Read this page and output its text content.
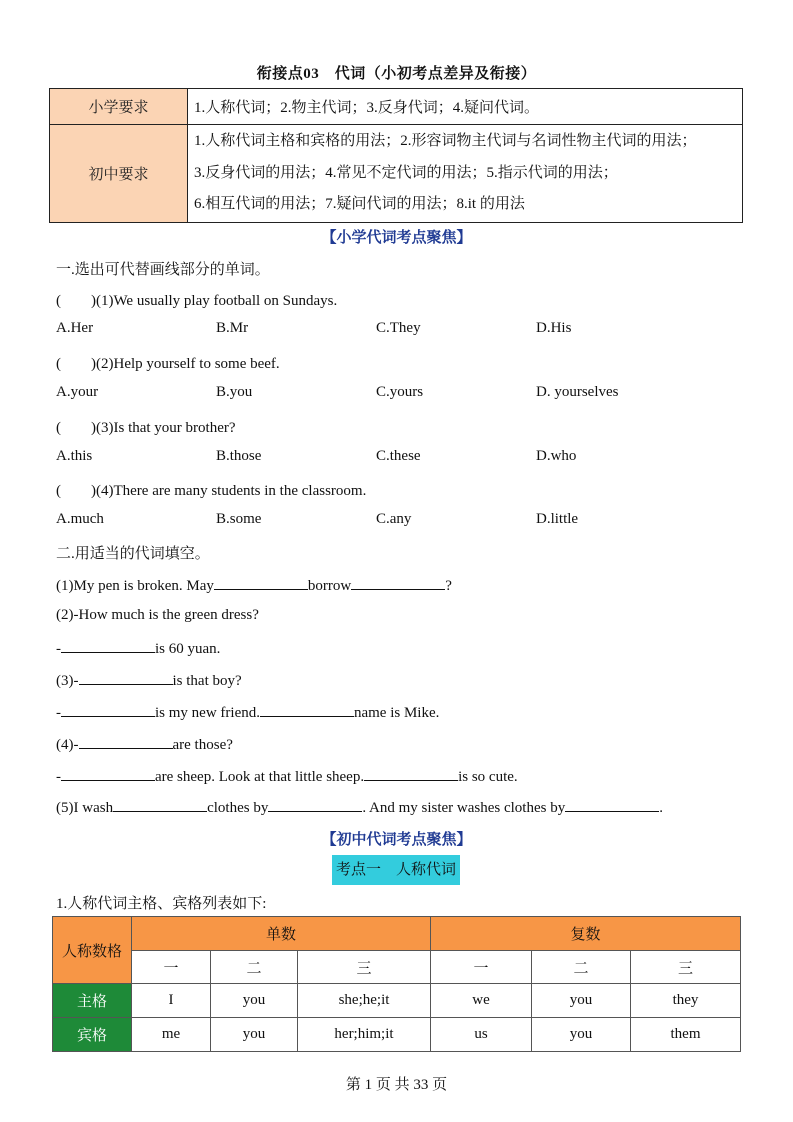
衔接点03　代词（小初考点差异及衔接）
小学要求	1.人称代词；2.物主代词；3.反身代词；4.疑问代词。
初中要求	1.人称代词主格和宾格的用法；2.形容词物主代词与名词性物主代词的用法；
3.反身代词的用法；4.常见不定代词的用法；5.指示代词的用法；
6.相互代词的用法；7.疑问代词的用法；8.it 的用法
【小学代词考点聚焦】
一.选出可代替画线部分的单词。
(　　)(1)We usually play football on Sundays.
A.Her	B.Mr	C.They	D.His
(　　)(2)Help yourself to some beef.
A.your	B.you	C.yours	D. yourselves
(　　)(3)Is that your brother?
A.this	B.those	C.these	D.who
(　　)(4)There are many students in the classroom.
A.much	B.some	C.any	D.little
二.用适当的代词填空。
(1)My pen is broken. May	borrow	?
(2)-How much is the green dress?
-	is 60 yuan.
(3)-	is that boy?
-	is my new friend.	name is Mike.
(4)-	are those?
-	are sheep. Look at that little sheep.	is so cute.
(5)I wash	clothes by	. And my sister washes clothes by	.
【初中代词考点聚焦】
考点一　人称代词
1.人称代词主格、宾格列表如下:
人称数格	单数			复数		
	一	二	三	一	二	三
主格	I	you	she;he;it	we	you	they
宾格	me	you	her;him;it	us	you	them
第 1 页 共 33 页
